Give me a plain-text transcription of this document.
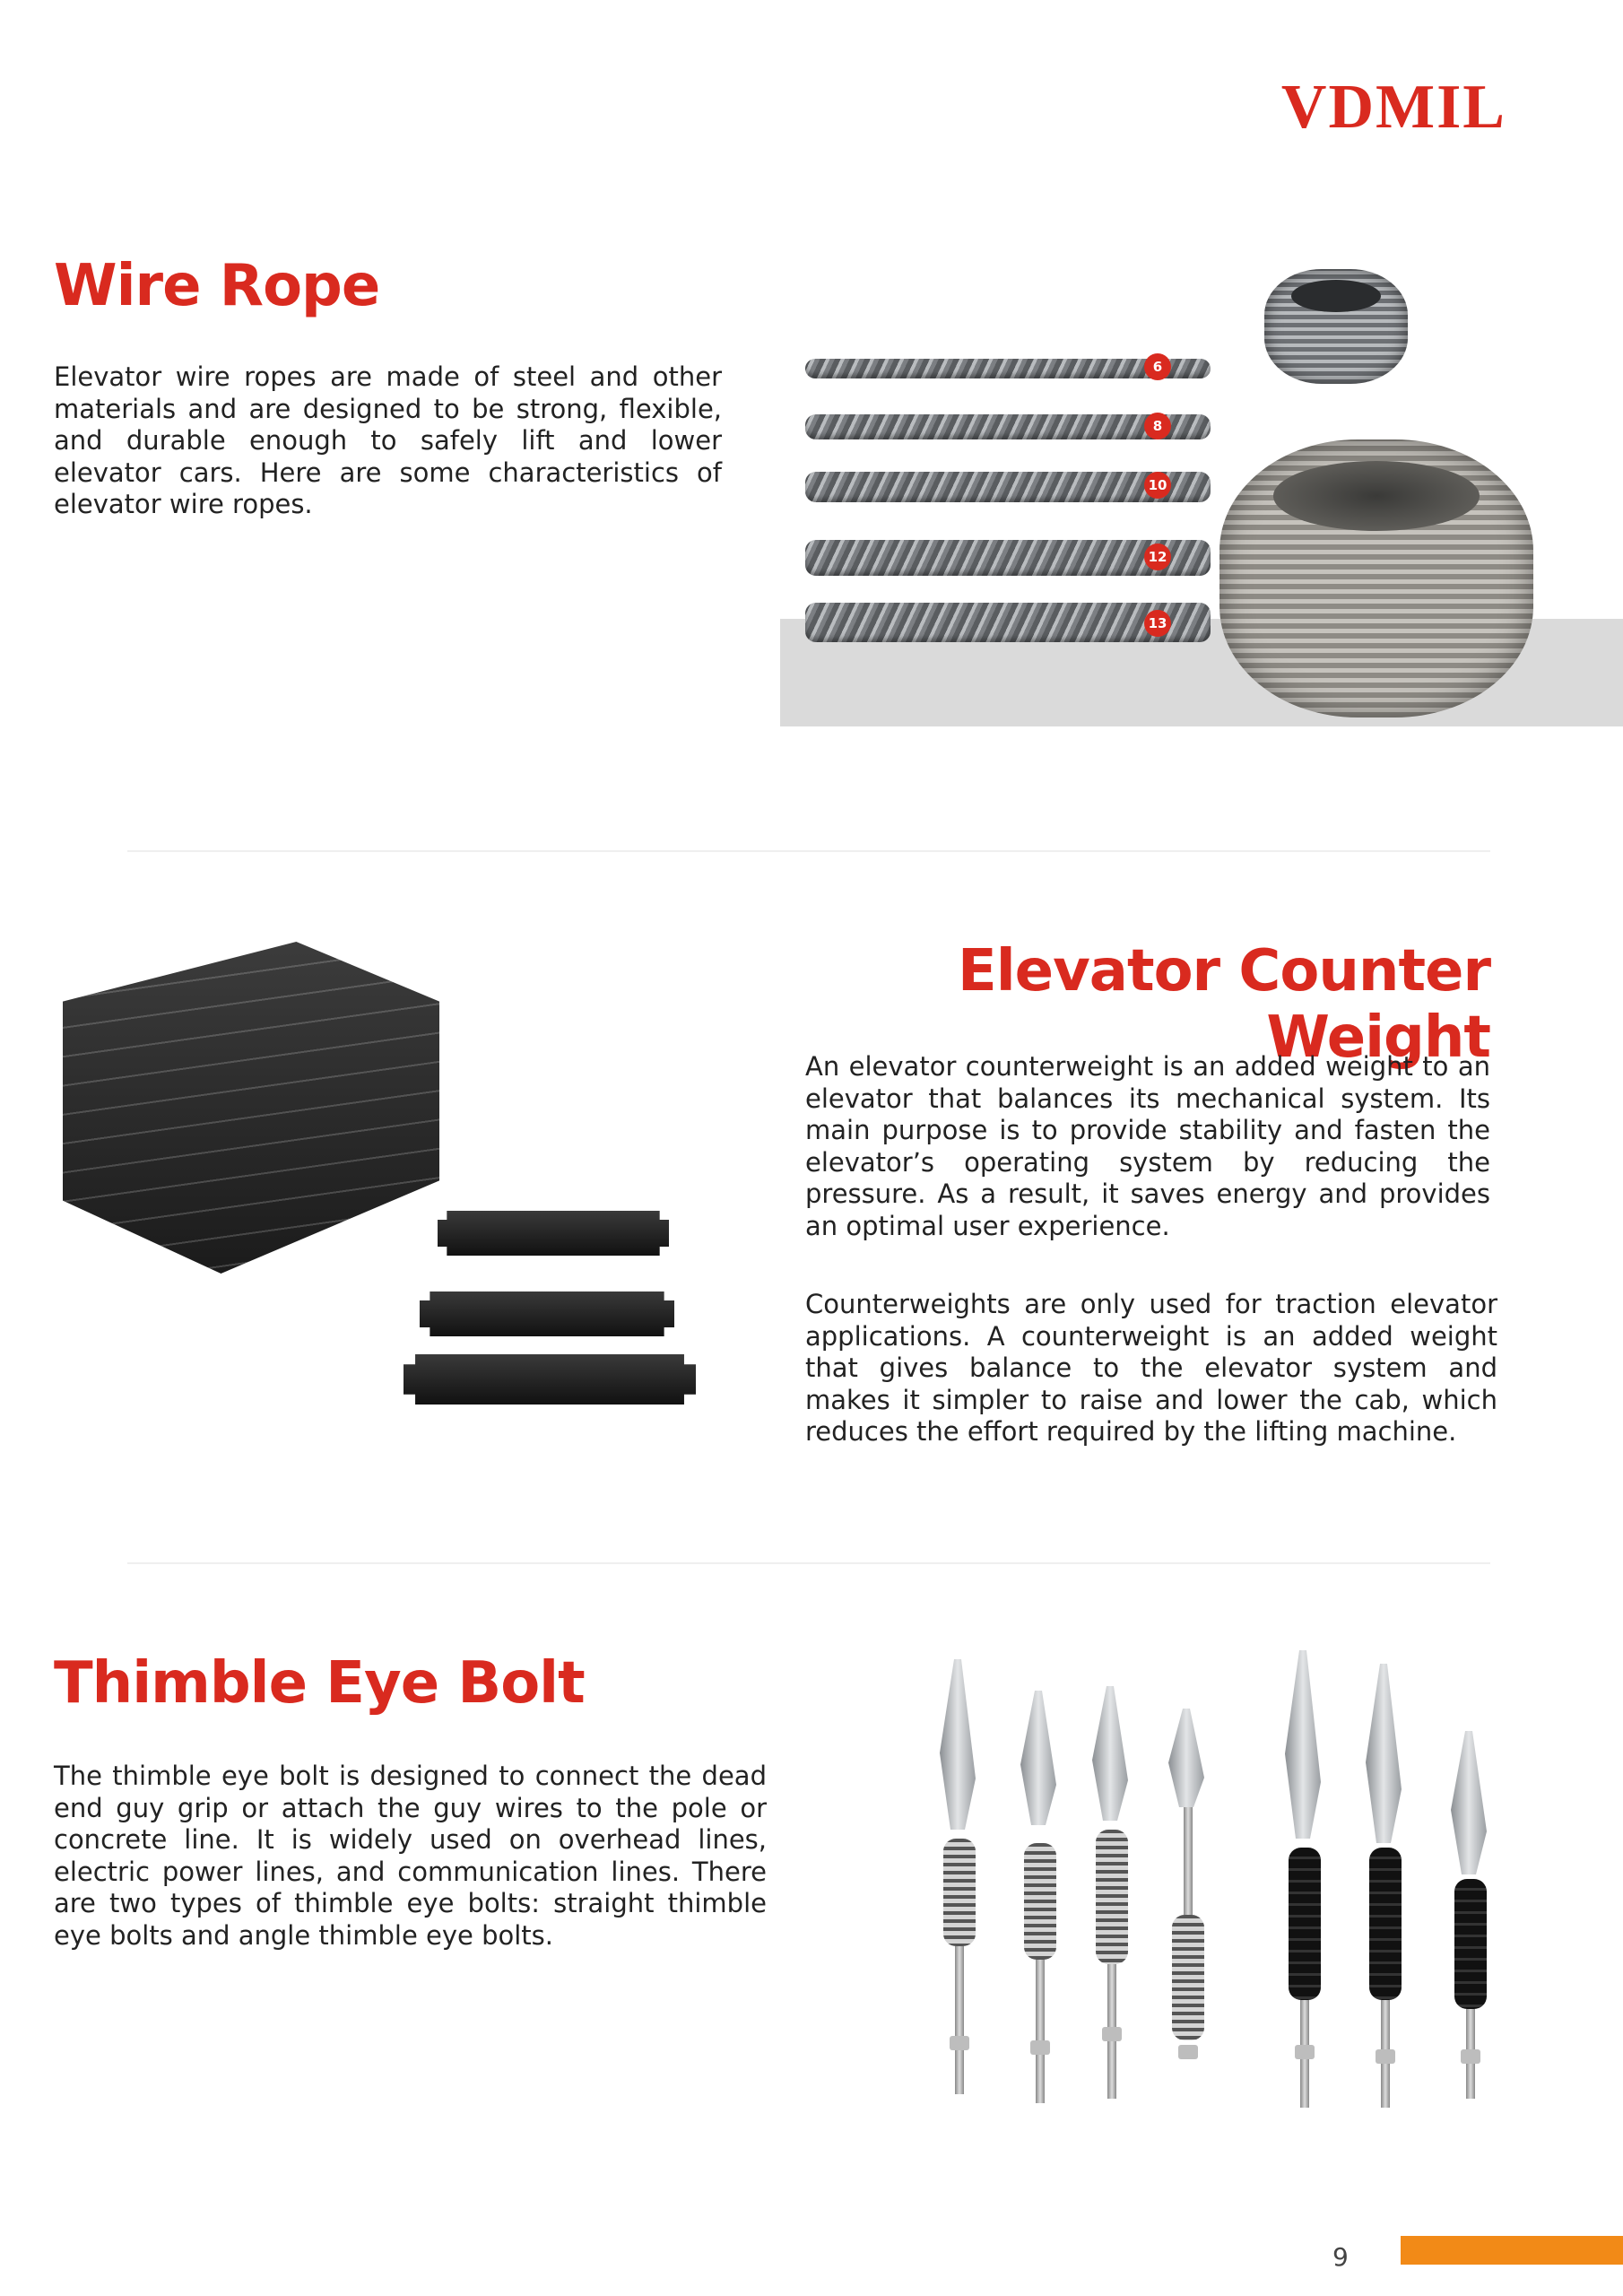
VDMIL
Wire Rope

Elevator wire ropes are made of steel and other materials and are designed to be strong, flexible, and durable enough to safely lift and lower elevator cars. Here are some characteristics of elevator wire ropes.

6
8
10
12
13
Elevator Counter Weight

An elevator counterweight is an added weight to an elevator that balances its mechanical system. Its main purpose is to provide stability and fasten the elevator’s operating system by reducing the pressure. As a result, it saves energy and provides an optimal user experience.

Counterweights are only used for traction elevator applications. A counterweight is an added weight that gives balance to the elevator system and makes it simpler to raise and lower the cab, which reduces the effort required by the lifting machine.

Thimble Eye Bolt

The thimble eye bolt is designed to connect the dead end guy grip or attach the guy wires to the pole or concrete line. It is widely used on overhead lines, electric power lines, and communication lines. There are two types of thimble eye bolts: straight thimble eye bolts and angle thimble eye bolts.

9
